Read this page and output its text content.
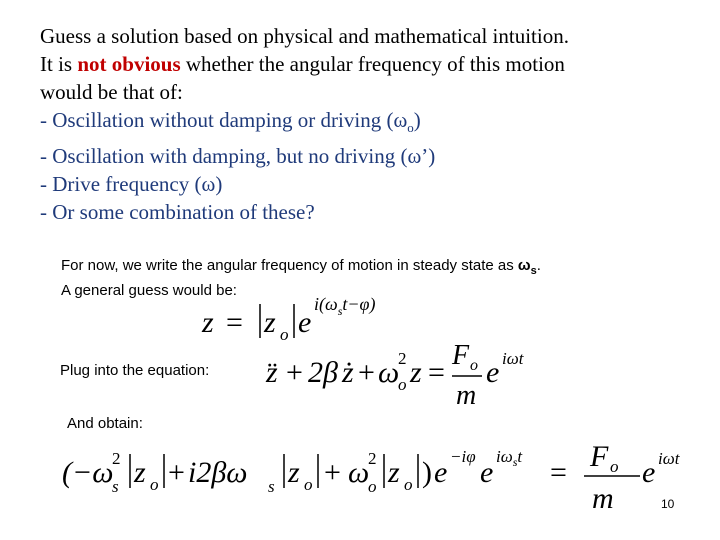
Guess a solution based on physical and mathematical intuition.
It is not obvious whether the angular frequency of this motion
would be that of:
- Oscillation without damping or driving $(\omega_o)$
- Oscillation with damping, but no driving (ω’)
- Drive frequency (ω)
- Or some combination of these?
For now, we write the angular frequency of motion in steady state as $\omega_s$.
A general guess would be:
z = z o e
$i(\omega_st-\varphi)$
Plug into the equation: z̈ + 2β ż + ω
2
o z =
F o
m
e iωt
And obtain:
(−ω
2
s z o + i2βω s z o + ω
2
o z o ) e −iφ e $i\omega_st = F$ o
m
e iωt
10
